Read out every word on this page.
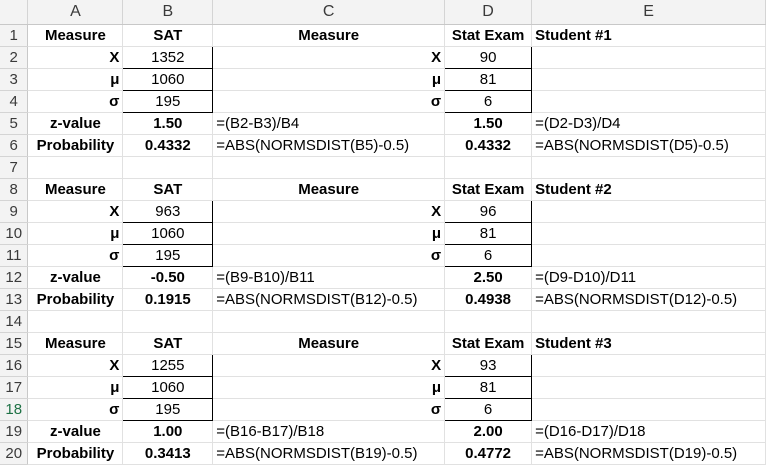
	A	B	C	D	E
1	Measure	SAT	Measure	Stat Exam	Student #1
2	X	1352	X	90	
3	μ	1060	μ	81	
4	σ	195	σ	6	
5	z-value	1.50	=(B2-B3)/B4	1.50	=(D2-D3)/D4
6	Probability	0.4332	=ABS(NORMSDIST(B5)-0.5)	0.4332	=ABS(NORMSDIST(D5)-0.5)
7					
8	Measure	SAT	Measure	Stat Exam	Student #2
9	X	963	X	96	
10	μ	1060	μ	81	
11	σ	195	σ	6	
12	z-value	-0.50	=(B9-B10)/B11	2.50	=(D9-D10)/D11
13	Probability	0.1915	=ABS(NORMSDIST(B12)-0.5)	0.4938	=ABS(NORMSDIST(D12)-0.5)
14					
15	Measure	SAT	Measure	Stat Exam	Student #3
16	X	1255	X	93	
17	μ	1060	μ	81	
18	σ	195	σ	6	
19	z-value	1.00	=(B16-B17)/B18	2.00	=(D16-D17)/D18
20	Probability	0.3413	=ABS(NORMSDIST(B19)-0.5)	0.4772	=ABS(NORMSDIST(D19)-0.5)
